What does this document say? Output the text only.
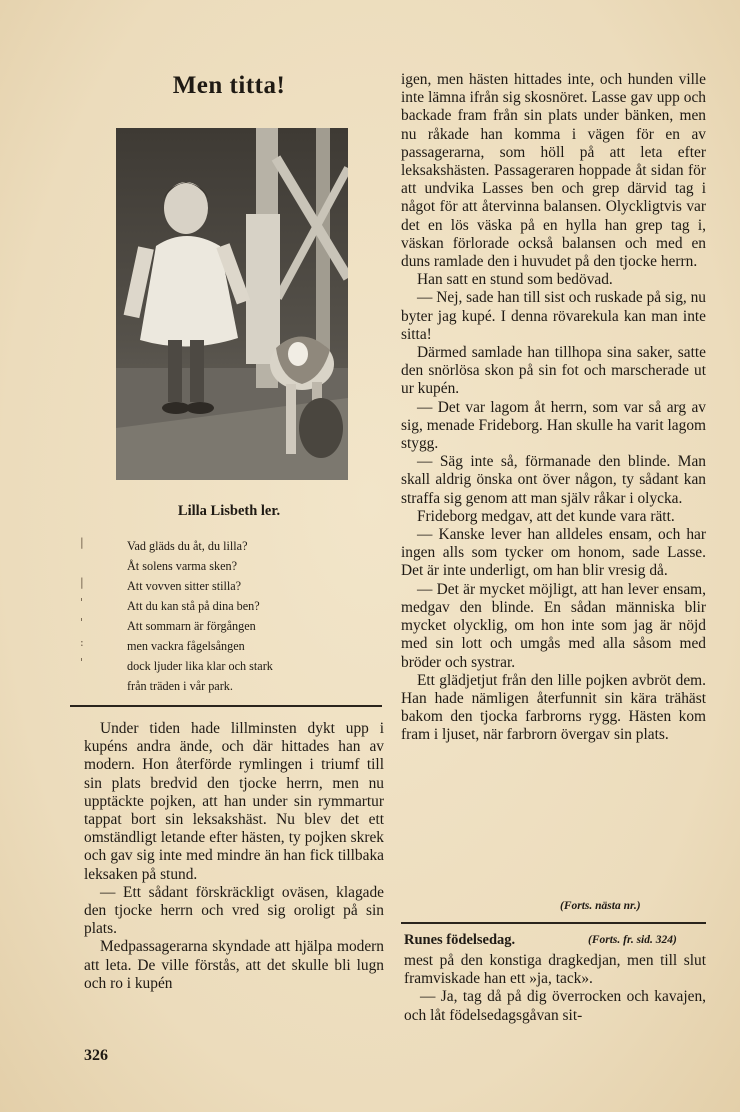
Men titta!
Lilla Lisbeth ler.
|
|
'
'
:
'
Vad gläds du åt, du lilla?
Åt solens varma sken?
Att vovven sitter stilla?
Att du kan stå på dina ben?
Att sommarn är förgången
men vackra fågelsången
dock ljuder lika klar och stark
från träden i vår park.

Under tiden hade lillminsten dykt upp i kupéns andra ände, och där hittades han av modern. Hon återförde rymlingen i triumf till sin plats bredvid den tjocke herrn, men nu upptäckte pojken, att han under sin rymmartur tappat bort sin leksakshäst. Nu blev det ett omständligt letande efter hästen, ty pojken skrek och gav sig inte med mindre än han fick tillbaka leksaken på stund.

— Ett sådant förskräckligt oväsen, klagade den tjocke herrn och vred sig oroligt på sin plats.

Medpassagerarna skyndade att hjälpa modern att leta. De ville förstås, att det skulle bli lugn och ro i kupén

igen, men hästen hittades inte, och hunden ville inte lämna ifrån sig skosnöret. Lasse gav upp och backade fram från sin plats under bänken, men nu råkade han komma i vägen för en av passagerarna, som höll på att leta efter leksakshästen. Passageraren hoppade åt sidan för att undvika Lasses ben och grep därvid tag i något för att återvinna balansen. Olyckligtvis var det en lös väska på en hylla han grep tag i, väskan förlorade också balansen och med en duns ramlade den i huvudet på den tjocke herrn.

Han satt en stund som bedövad.

— Nej, sade han till sist och ruskade på sig, nu byter jag kupé. I denna rövarekula kan man inte sitta!

Därmed samlade han tillhopa sina saker, satte den snörlösa skon på sin fot och marscherade ut ur kupén.

— Det var lagom åt herrn, som var så arg av sig, menade Frideborg. Han skulle ha varit lagom stygg.

— Säg inte så, förmanade den blinde. Man skall aldrig önska ont över någon, ty sådant kan straffa sig genom att man själv råkar i olycka.

Frideborg medgav, att det kunde vara rätt.

— Kanske lever han alldeles ensam, och har ingen alls som tycker om honom, sade Lasse. Det är inte underligt, om han blir vresig då.

— Det är mycket möjligt, att han lever ensam, medgav den blinde. En sådan människa blir mycket olycklig, om hon inte som jag är nöjd med sin lott och umgås med alla såsom med bröder och systrar.

Ett glädjetjut från den lille pojken avbröt dem. Han hade nämligen återfunnit sin kära trähäst bakom den tjocka farbrorns rygg. Hästen kom fram i ljuset, när farbrorn övergav sin plats.

(Forts. nästa nr.)
Runes födelsedag.	(Forts. fr. sid. 324)

mest på den konstiga dragkedjan, men till slut framviskade han ett »ja, tack».

— Ja, tag då på dig överrocken och kavajen, och låt födelsedagsgåvan sit-

326
